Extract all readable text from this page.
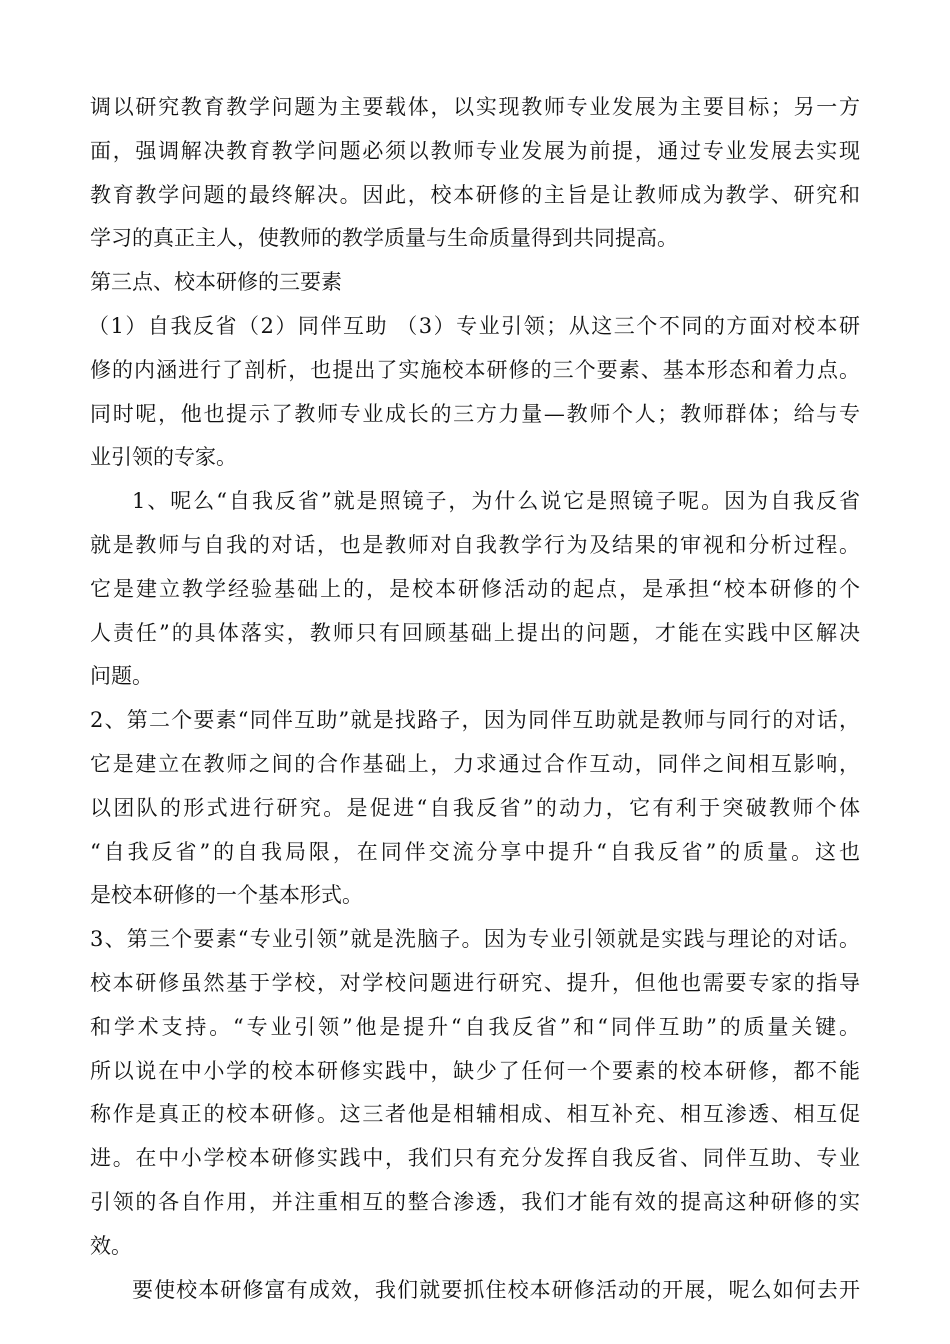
调以研究教育教学问题为主要载体，以实现教师专业发展为主要目标；另一方
面，强调解决教育教学问题必须以教师专业发展为前提，通过专业发展去实现
教育教学问题的最终解决。因此，校本研修的主旨是让教师成为教学、研究和
学习的真正主人，使教师的教学质量与生命质量得到共同提高。
第三点、校本研修的三要素
（1）自我反省（2）同伴互助 （3）专业引领；从这三个不同的方面对校本研
修的内涵进行了剖析，也提出了实施校本研修的三个要素、基本形态和着力点。
同时呢，他也提示了教师专业成长的三方力量—教师个人；教师群体；给与专
业引领的专家。
1、呢么“自我反省”就是照镜子，为什么说它是照镜子呢。因为自我反省
就是教师与自我的对话，也是教师对自我教学行为及结果的审视和分析过程。
它是建立教学经验基础上的，是校本研修活动的起点，是承担“校本研修的个
人责任”的具体落实，教师只有回顾基础上提出的问题，才能在实践中区解决
问题。
2、第二个要素“同伴互助”就是找路子，因为同伴互助就是教师与同行的对话，
它是建立在教师之间的合作基础上，力求通过合作互动，同伴之间相互影响，
以团队的形式进行研究。是促进“自我反省”的动力，它有利于突破教师个体
“自我反省”的自我局限，在同伴交流分享中提升“自我反省”的质量。这也
是校本研修的一个基本形式。
3、第三个要素“专业引领”就是洗脑子。因为专业引领就是实践与理论的对话。
校本研修虽然基于学校，对学校问题进行研究、提升，但他也需要专家的指导
和学术支持。“专业引领”他是提升“自我反省”和“同伴互助”的质量关键。
所以说在中小学的校本研修实践中，缺少了任何一个要素的校本研修，都不能
称作是真正的校本研修。这三者他是相辅相成、相互补充、相互渗透、相互促
进。在中小学校本研修实践中，我们只有充分发挥自我反省、同伴互助、专业
引领的各自作用，并注重相互的整合渗透，我们才能有效的提高这种研修的实
效。
要使校本研修富有成效，我们就要抓住校本研修活动的开展，呢么如何去开
